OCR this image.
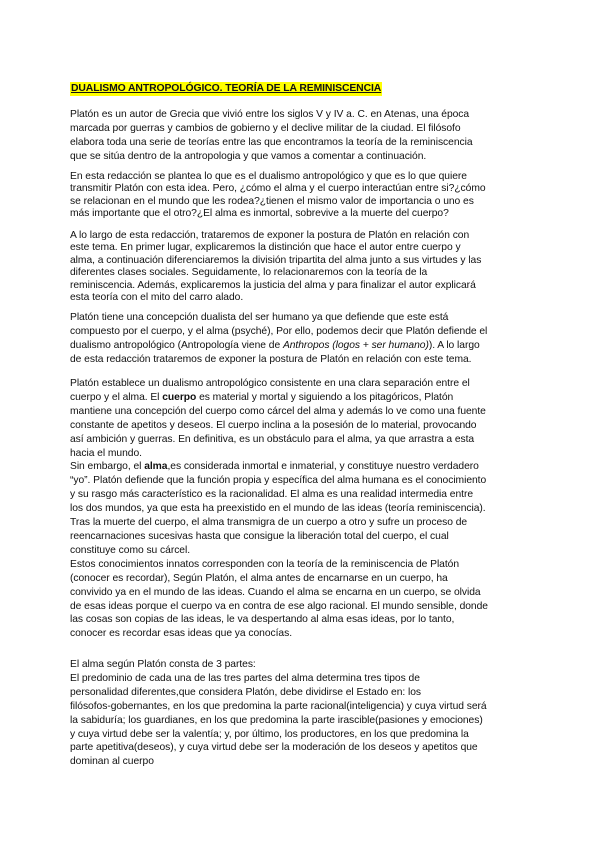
DUALISMO ANTROPOLÓGICO. TEORÍA DE LA REMINISCENCIA
Platón es un autor de Grecia que vivió entre los siglos V y IV a. C. en Atenas, una época
marcada por guerras y cambios de gobierno y el declive militar de la ciudad. El filósofo
elabora toda una serie de teorías entre las que encontramos la teoría de la reminiscencia
que se sitúa dentro de la antropologia y que vamos a comentar a continuación.
En esta redacción se plantea lo que es el dualismo antropológico y que es lo que quiere
transmitir Platón con esta idea. Pero, ¿cómo el alma y el cuerpo interactúan entre si?¿cómo
se relacionan en el mundo que les rodea?¿tienen el mismo valor de importancia o uno es
más importante que el otro?¿El alma es inmortal, sobrevive a la muerte del cuerpo?
A lo largo de esta redacción, trataremos de exponer la postura de Platón en relación con
este tema. En primer lugar, explicaremos la distinción que hace el autor entre cuerpo y
alma, a continuación diferenciaremos la división tripartita del alma junto a sus virtudes y las
diferentes clases sociales. Seguidamente, lo relacionaremos con la teoría de la
reminiscencia. Además, explicaremos la justicia del alma y para finalizar el autor explicará
esta teoría con el mito del carro alado.
Platón tiene una concepción dualista del ser humano ya que defiende que este está
compuesto por el cuerpo, y el alma (psyché), Por ello, podemos decir que Platón defiende el
dualismo antropológico (Antropología viene de Anthropos (logos + ser humano)). A lo largo
de esta redacción trataremos de exponer la postura de Platón en relación con este tema.
Platón establece un dualismo antropológico consistente en una clara separación entre el
cuerpo y el alma. El cuerpo es material y mortal y siguiendo a los pitagóricos, Platón
mantiene una concepción del cuerpo como cárcel del alma y además lo ve como una fuente
constante de apetitos y deseos. El cuerpo inclina a la posesión de lo material, provocando
así ambición y guerras. En definitiva, es un obstáculo para el alma, ya que arrastra a esta
hacia el mundo.
Sin embargo, el alma,es considerada inmortal e inmaterial, y constituye nuestro verdadero
“yo”. Platón defiende que la función propia y específica del alma humana es el conocimiento
y su rasgo más característico es la racionalidad. El alma es una realidad intermedia entre
los dos mundos, ya que esta ha preexistido en el mundo de las ideas (teoría reminiscencia).
Tras la muerte del cuerpo, el alma transmigra de un cuerpo a otro y sufre un proceso de
reencarnaciones sucesivas hasta que consigue la liberación total del cuerpo, el cual
constituye como su cárcel.
Estos conocimientos innatos corresponden con la teoría de la reminiscencia de Platón
(conocer es recordar), Según Platón, el alma antes de encarnarse en un cuerpo, ha
convivido ya en el mundo de las ideas. Cuando el alma se encarna en un cuerpo, se olvida
de esas ideas porque el cuerpo va en contra de ese algo racional. El mundo sensible, donde
las cosas son copias de las ideas, le va despertando al alma esas ideas, por lo tanto,
conocer es recordar esas ideas que ya conocías.
El alma según Platón consta de 3 partes:
El predominio de cada una de las tres partes del alma determina tres tipos de
personalidad diferentes,que considera Platón, debe dividirse el Estado en: los
filósofos-gobernantes, en los que predomina la parte racional(inteligencia) y cuya virtud será
la sabiduría; los guardianes, en los que predomina la parte irascible(pasiones y emociones)
y cuya virtud debe ser la valentía; y, por último, los productores, en los que predomina la
parte apetitiva(deseos), y cuya virtud debe ser la moderación de los deseos y apetitos que
dominan al cuerpo
